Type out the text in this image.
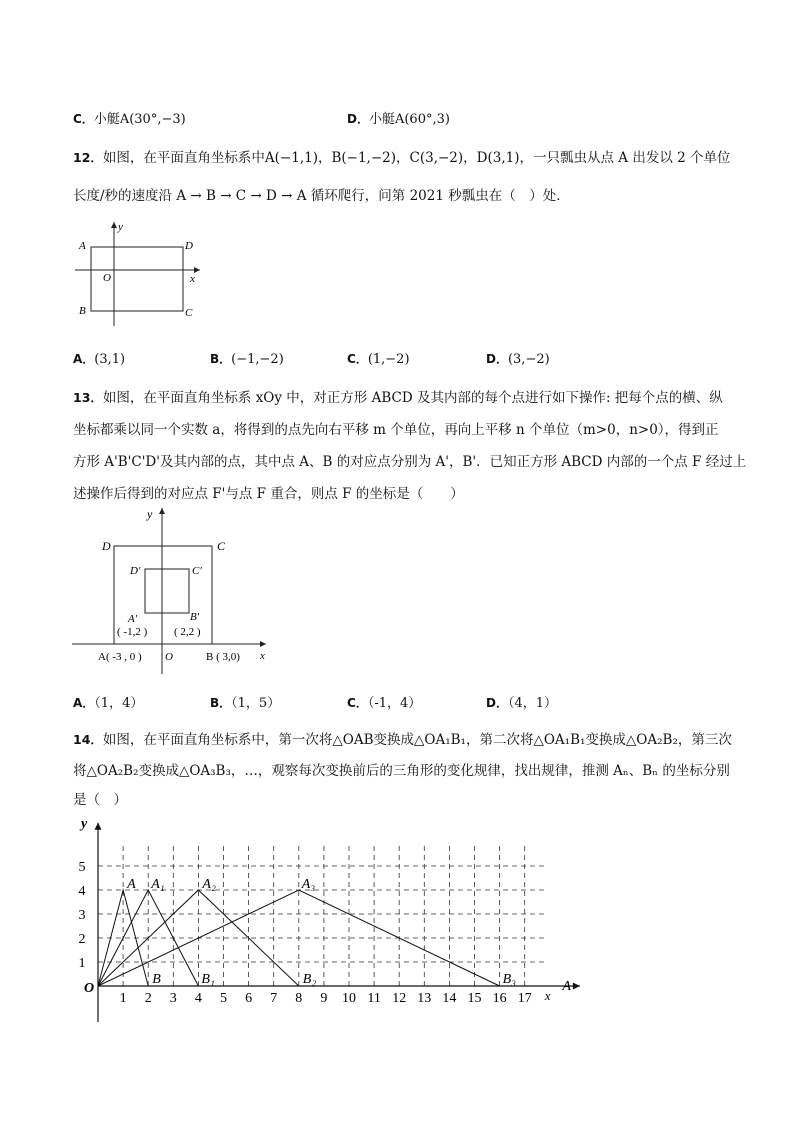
C．小艇A(30°,−3)	D．小艇A(60°,3)
12．如图，在平面直角坐标系中A(−1,1)，B(−1,−2)，C(3,−2)，D(3,1)，一只瓢虫从点 A 出发以 2 个单位
长度/秒的速度沿 A → B → C → D → A 循环爬行，问第 2021 秒瓢虫在（　）处．
A
B	C
D
O	x
y
A．(3,1)	B．(−1,−2)	C．(1,−2)	D．(3,−2)
13．如图，在平面直角坐标系 xOy 中，对正方形 ABCD 及其内部的每个点进行如下操作: 把每个点的横、纵
坐标都乘以同一个实数 a，将得到的点先向右平移 m 个单位，再向上平移 n 个单位（m>0，n>0），得到正
方形 A'B'C'D'及其内部的点，其中点 A、B 的对应点分别为 A'，B'．已知正方形 ABCD 内部的一个点 F 经过上
述操作后得到的对应点 F'与点 F 重合，则点 F 的坐标是（　　）
D	C
D′	C′
A′	B′
( -1,2 ) ( 2,2 )
A( -3 , 0 ) O	B ( 3,0) x
y
A．（1，4）	B．（1，5）	C．（-1，4）	D．（4，1）
14．如图，在平面直角坐标系中，第一次将△OAB变换成△OA₁B₁，第二次将△OA₁B₁变换成△OA₂B₂，第三次
将△OA₂B₂变换成△OA₃B₃，…，观察每次变换前后的三角形的变化规律，找出规律，推测 Aₙ、Bₙ 的坐标分别
是（　）
1 2 3 4 5 6 7 8 9 10 11 12 13 14 15 16 17
1
2
3
4
5
x
A
y
O
A A₁	A₂	A₃
B	B₁	B₂	B₃
